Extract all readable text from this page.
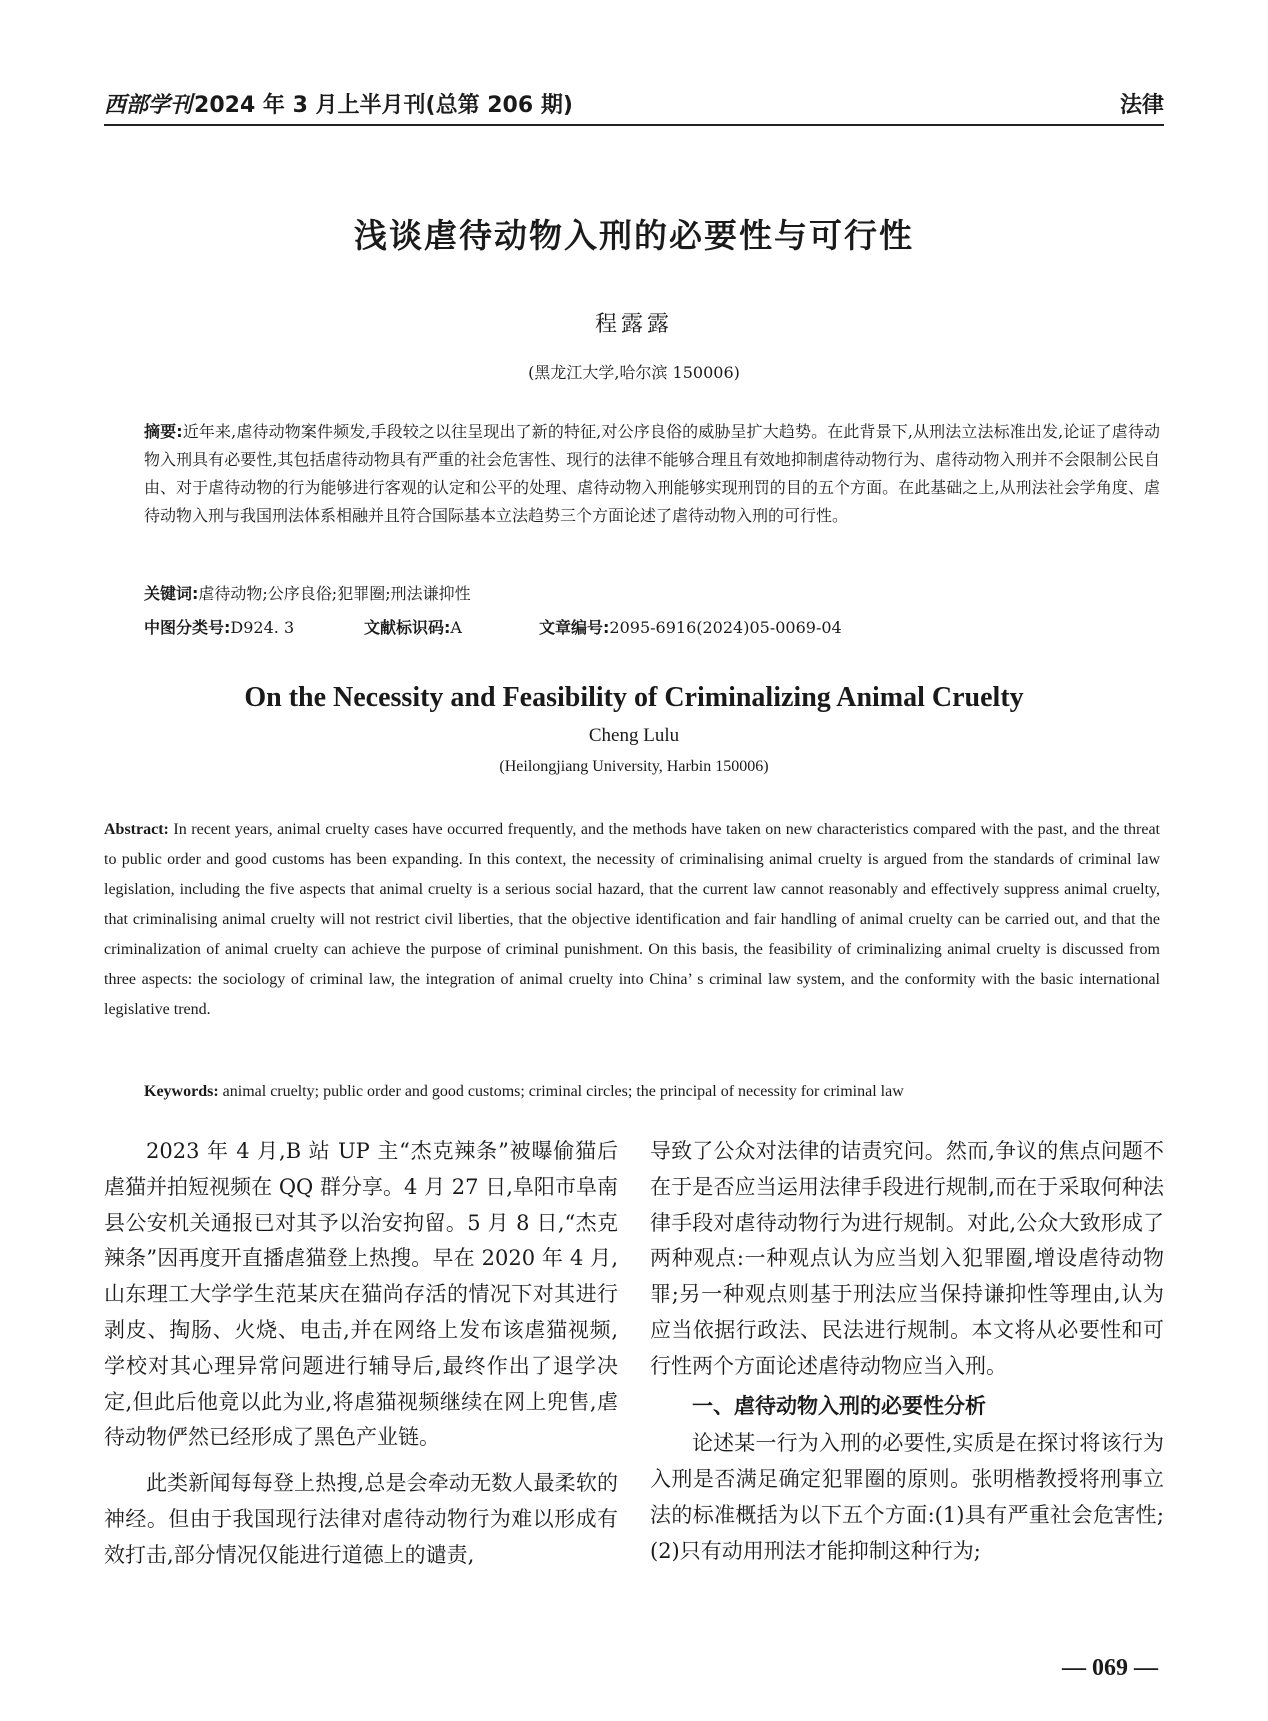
西部学刊 2024 年 3 月上半月刊(总第 206 期)	法律
浅谈虐待动物入刑的必要性与可行性
程露露
(黑龙江大学,哈尔滨 150006)
摘要:近年来,虐待动物案件频发,手段较之以往呈现出了新的特征,对公序良俗的威胁呈扩大趋势。在此背景下,从刑法立法标准出发,论证了虐待动物入刑具有必要性,其包括虐待动物具有严重的社会危害性、现行的法律不能够合理且有效地抑制虐待动物行为、虐待动物入刑并不会限制公民自由、对于虐待动物的行为能够进行客观的认定和公平的处理、虐待动物入刑能够实现刑罚的目的五个方面。在此基础之上,从刑法社会学角度、虐待动物入刑与我国刑法体系相融并且符合国际基本立法趋势三个方面论述了虐待动物入刑的可行性。
关键词:虐待动物;公序良俗;犯罪圈;刑法谦抑性
中图分类号:D924. 3	文献标识码:A	文章编号:2095-6916(2024)05-0069-04
On the Necessity and Feasibility of Criminalizing Animal Cruelty
Cheng Lulu
(Heilongjiang University, Harbin 150006)
Abstract: In recent years, animal cruelty cases have occurred frequently, and the methods have taken on new characteristics compared with the past, and the threat to public order and good customs has been expanding. In this context, the necessity of criminalising animal cruelty is argued from the standards of criminal law legislation, including the five aspects that animal cruelty is a serious social hazard, that the current law cannot reasonably and effectively suppress animal cruelty, that criminalising animal cruelty will not restrict civil liberties, that the objective identification and fair handling of animal cruelty can be carried out, and that the criminalization of animal cruelty can achieve the purpose of criminal punishment. On this basis, the feasibility of criminalizing animal cruelty is discussed from three aspects: the sociology of criminal law, the integration of animal cruelty into China’ s criminal law system, and the conformity with the basic international legislative trend.
Keywords: animal cruelty; public order and good customs; criminal circles; the principal of necessity for criminal law

2023 年 4 月,B 站 UP 主“杰克辣条”被曝偷猫后虐猫并拍短视频在 QQ 群分享。4 月 27 日,阜阳市阜南县公安机关通报已对其予以治安拘留。5 月 8 日,“杰克辣条”因再度开直播虐猫登上热搜。早在 2020 年 4 月,山东理工大学学生范某庆在猫尚存活的情况下对其进行剥皮、掏肠、火烧、电击,并在网络上发布该虐猫视频,学校对其心理异常问题进行辅导后,最终作出了退学决定,但此后他竟以此为业,将虐猫视频继续在网上兜售,虐待动物俨然已经形成了黑色产业链。

此类新闻每每登上热搜,总是会牵动无数人最柔软的神经。但由于我国现行法律对虐待动物行为难以形成有效打击,部分情况仅能进行道德上的谴责,

导致了公众对法律的诘责究问。然而,争议的焦点问题不在于是否应当运用法律手段进行规制,而在于采取何种法律手段对虐待动物行为进行规制。对此,公众大致形成了两种观点:一种观点认为应当划入犯罪圈,增设虐待动物罪;另一种观点则基于刑法应当保持谦抑性等理由,认为应当依据行政法、民法进行规制。本文将从必要性和可行性两个方面论述虐待动物应当入刑。

一、虐待动物入刑的必要性分析

论述某一行为入刑的必要性,实质是在探讨将该行为入刑是否满足确定犯罪圈的原则。张明楷教授将刑事立法的标准概括为以下五个方面:(1)具有严重社会危害性;(2)只有动用刑法才能抑制这种行为;

— 069 —
